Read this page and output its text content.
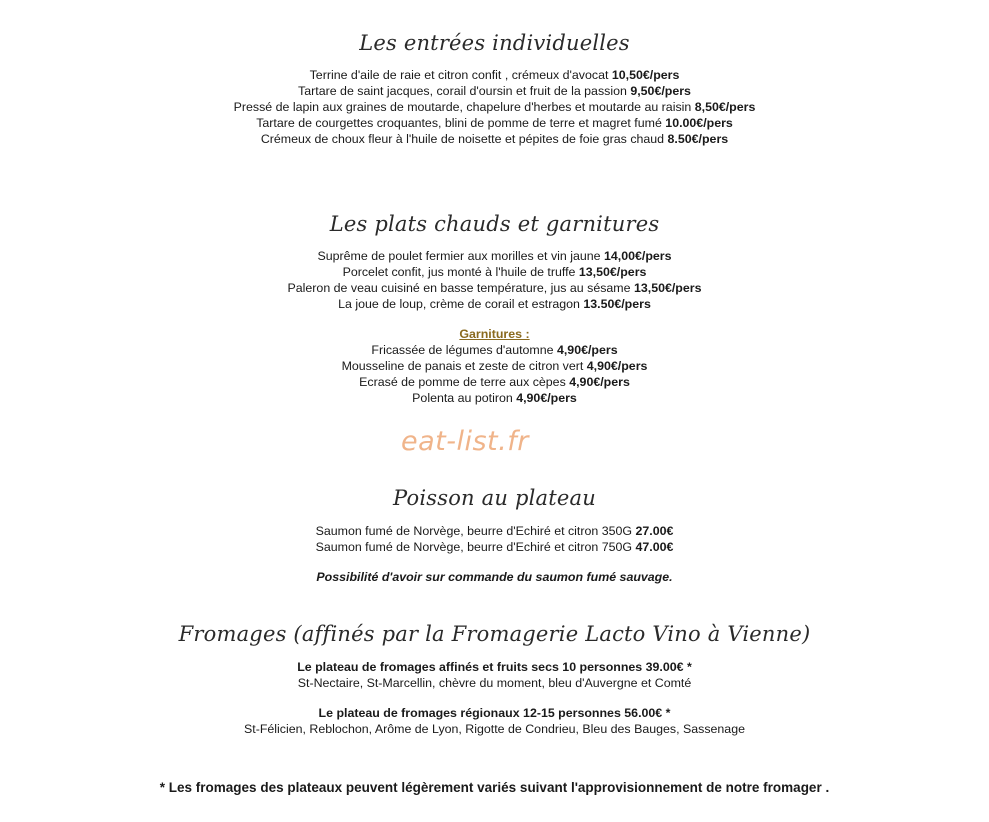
Les entrées individuelles
Terrine d'aile de raie et citron confit , crémeux d'avocat 10,50€/pers
Tartare de saint jacques, corail d'oursin et fruit de la passion 9,50€/pers
Pressé de lapin aux graines de moutarde, chapelure d'herbes et moutarde au raisin 8,50€/pers
Tartare de courgettes croquantes, blini de pomme de terre et magret fumé 10.00€/pers
Crémeux de choux fleur à l'huile de noisette et pépites de foie gras chaud 8.50€/pers
Les plats chauds et garnitures
Suprême de poulet fermier aux morilles et vin jaune 14,00€/pers
Porcelet confit, jus monté à l'huile de truffe 13,50€/pers
Paleron de veau cuisiné en basse température, jus au sésame 13,50€/pers
La joue de loup, crème de corail et estragon 13.50€/pers
Garnitures :
Fricassée de légumes d'automne 4,90€/pers
Mousseline de panais et zeste de citron vert 4,90€/pers
Ecrasé de pomme de terre aux cèpes 4,90€/pers
Polenta au potiron 4,90€/pers
eat-list.fr
Poisson au plateau
Saumon fumé de Norvège, beurre d'Echiré et citron 350G 27.00€
Saumon fumé de Norvège, beurre d'Echiré et citron 750G 47.00€
Possibilité d'avoir sur commande du saumon fumé sauvage.
Fromages (affinés par la Fromagerie Lacto Vino à Vienne)
Le plateau de fromages affinés et fruits secs 10 personnes 39.00€ *
St-Nectaire, St-Marcellin, chèvre du moment, bleu d'Auvergne et Comté
Le plateau de fromages régionaux 12-15 personnes 56.00€ *
St-Félicien, Reblochon, Arôme de Lyon, Rigotte de Condrieu, Bleu des Bauges, Sassenage
* Les fromages des plateaux peuvent légèrement variés suivant l'approvisionnement de notre fromager .
